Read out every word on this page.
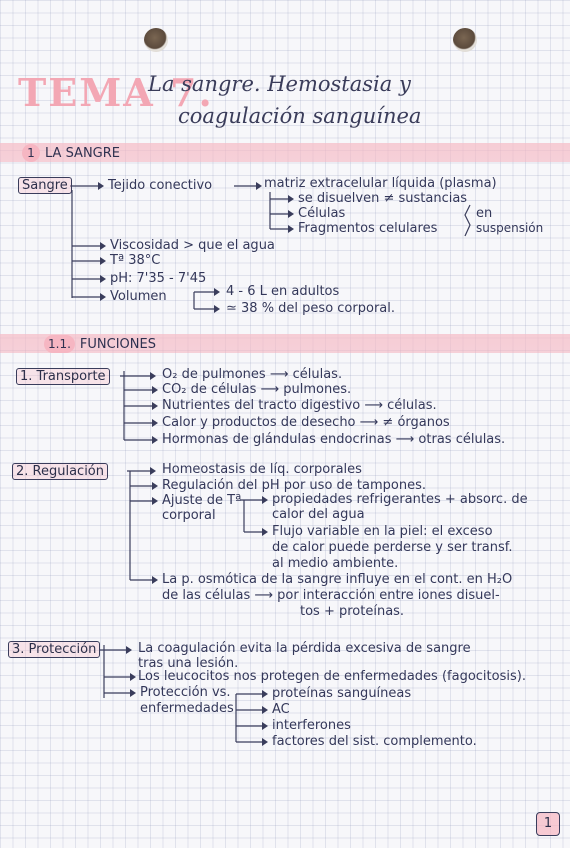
TEMA 7.
La sangre. Hemostasia y
coagulación sanguínea
1 LA SANGRE
Sangre	Tejido conectivo	matriz extracelular líquida (plasma)
se disuelven ≠ sustancias
Células
Fragmentos celulares
en
suspensión
Viscosidad > que el agua
Tª 38°C
pH: 7'35 - 7'45
Volumen	4 - 6 L en adultos
≃ 38 % del peso corporal.
1.1. FUNCIONES
1. Transporte	O₂ de pulmones ⟶ células.
CO₂ de células ⟶ pulmones.
Nutrientes del tracto digestivo ⟶ células.
Calor y productos de desecho ⟶ ≠ órganos
Hormonas de glándulas endocrinas ⟶ otras células.
2. Regulación	Homeostasis de líq. corporales
Regulación del pH por uso de tampones.
Ajuste de Tª
corporal
propiedades refrigerantes + absorc. de
calor del agua
Flujo variable en la piel: el exceso
de calor puede perderse y ser transf.
al medio ambiente.
La p. osmótica de la sangre influye en el cont. en H₂O
de las células ⟶ por interacción entre iones disuel-
tos + proteínas.
3. Protección	La coagulación evita la pérdida excesiva de sangre
tras una lesión.
Los leucocitos nos protegen de enfermedades (fagocitosis).
Protección vs.
enfermedades
proteínas sanguíneas
AC
interferones
factores del sist. complemento.
1
